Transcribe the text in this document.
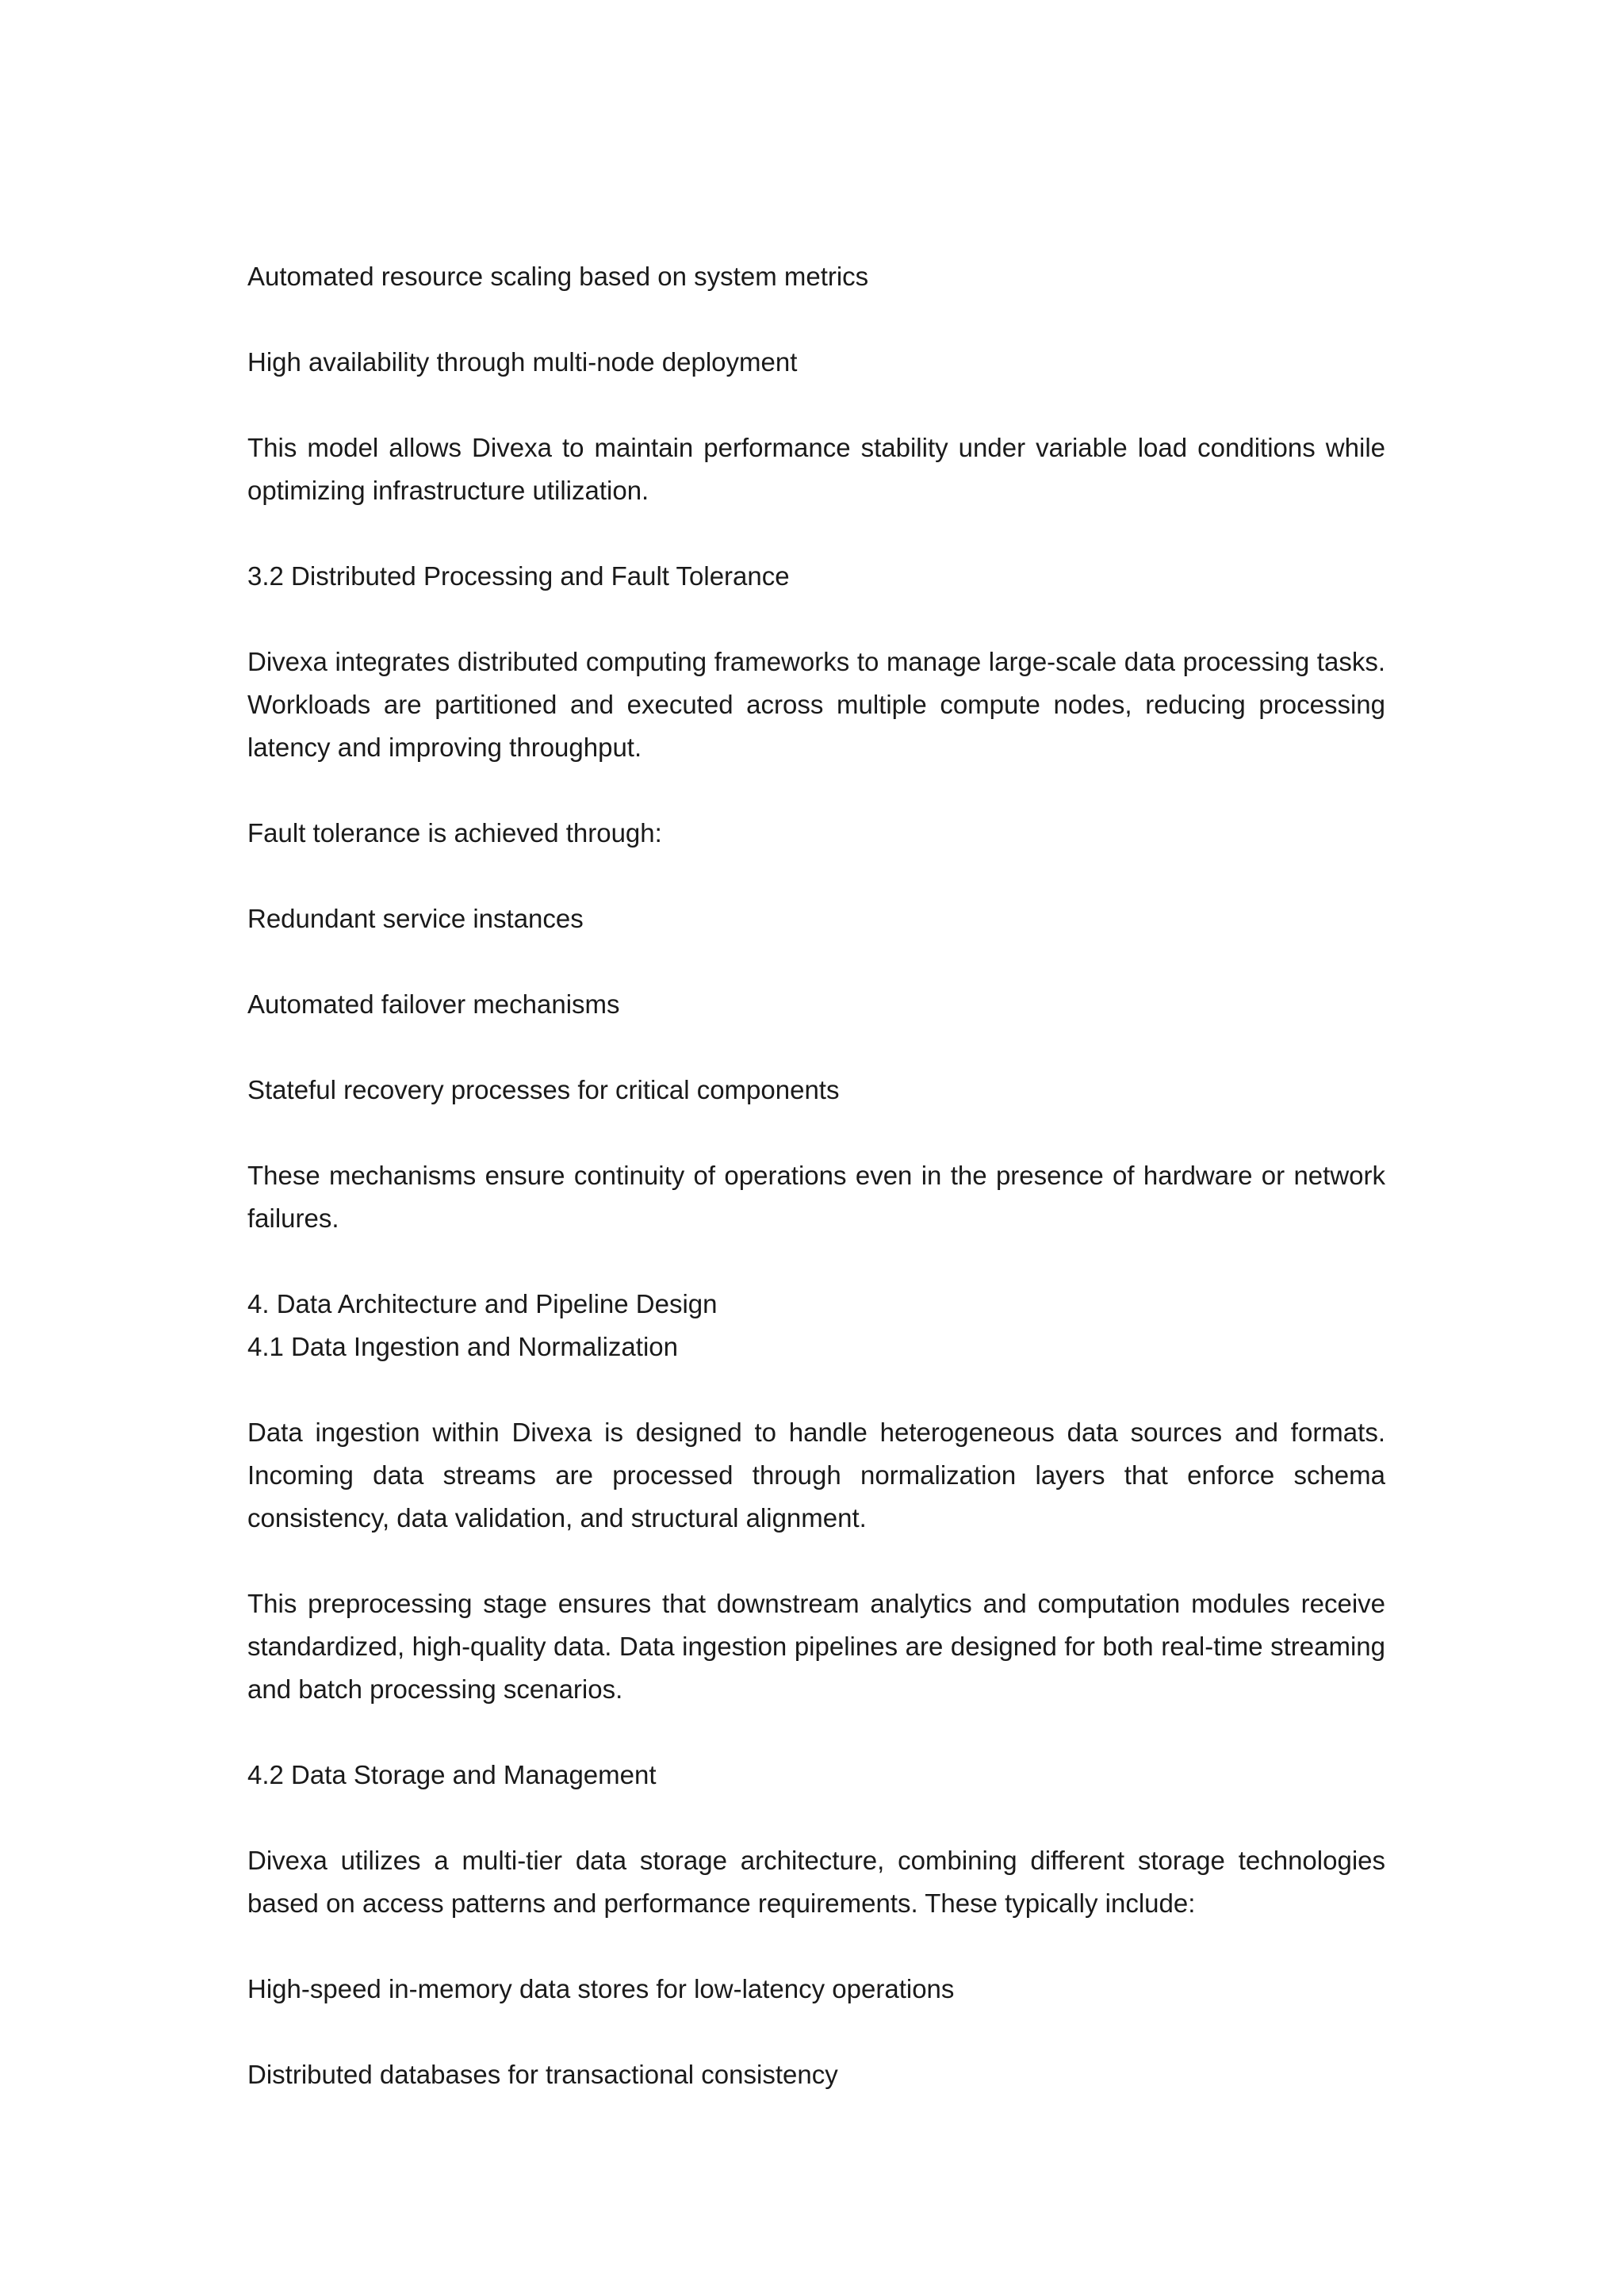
Automated resource scaling based on system metrics

High availability through multi-node deployment

This model allows Divexa to maintain performance stability under variable load conditions while optimizing infrastructure utilization.

3.2 Distributed Processing and Fault Tolerance

Divexa integrates distributed computing frameworks to manage large-scale data processing tasks. Workloads are partitioned and executed across multiple compute nodes, reducing processing latency and improving throughput.

Fault tolerance is achieved through:

Redundant service instances

Automated failover mechanisms

Stateful recovery processes for critical components

These mechanisms ensure continuity of operations even in the presence of hardware or network failures.

4. Data Architecture and Pipeline Design

4.1 Data Ingestion and Normalization

Data ingestion within Divexa is designed to handle heterogeneous data sources and formats. Incoming data streams are processed through normalization layers that enforce schema consistency, data validation, and structural alignment.

This preprocessing stage ensures that downstream analytics and computation modules receive standardized, high-quality data. Data ingestion pipelines are designed for both real-time streaming and batch processing scenarios.

4.2 Data Storage and Management

Divexa utilizes a multi-tier data storage architecture, combining different storage technologies based on access patterns and performance requirements. These typically include:

High-speed in-memory data stores for low-latency operations

Distributed databases for transactional consistency
